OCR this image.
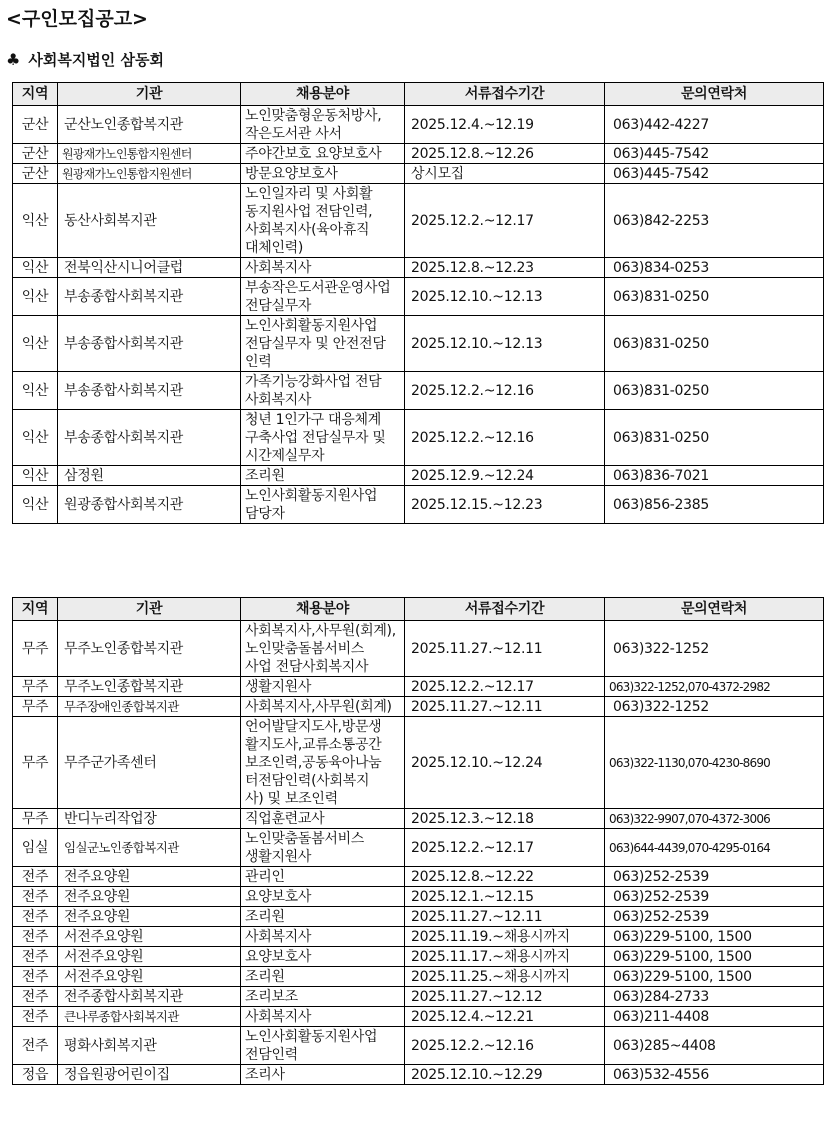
<구인모집공고>
♣ 사회복지법인 삼동회
지역	기관	채용분야	서류접수기간	문의연락처
군산	군산노인종합복지관	노인맞춤형운동처방사,
작은도서관 사서	2025.12.4.~12.19	063)442-4227
군산	원광재가노인통합지원센터	주야간보호 요양보호사	2025.12.8.~12.26	063)445-7542
군산	원광재가노인통합지원센터	방문요양보호사	상시모집	063)445-7542
익산	동산사회복지관	노인일자리 및 사회활
동지원사업 전담인력,
사회복지사(육아휴직
대체인력)	2025.12.2.~12.17	063)842-2253
익산	전북익산시니어클럽	사회복지사	2025.12.8.~12.23	063)834-0253
익산	부송종합사회복지관	부송작은도서관운영사업
전담실무자	2025.12.10.~12.13	063)831-0250
익산	부송종합사회복지관	노인사회활동지원사업
전담실무자 및 안전전담
인력	2025.12.10.~12.13	063)831-0250
익산	부송종합사회복지관	가족기능강화사업 전담
사회복지사	2025.12.2.~12.16	063)831-0250
익산	부송종합사회복지관	청년 1인가구 대응체계
구축사업 전담실무자 및
시간제실무자	2025.12.2.~12.16	063)831-0250
익산	삼정원	조리원	2025.12.9.~12.24	063)836-7021
익산	원광종합사회복지관	노인사회활동지원사업
담당자	2025.12.15.~12.23	063)856-2385
지역	기관	채용분야	서류접수기간	문의연락처
무주	무주노인종합복지관	사회복지사,사무원(회계),
노인맞춤돌봄서비스
사업 전담사회복지사	2025.11.27.~12.11	063)322-1252
무주	무주노인종합복지관	생활지원사	2025.12.2.~12.17	063)322-1252,070-4372-2982
무주	무주장애인종합복지관	사회복지사,사무원(회계)	2025.11.27.~12.11	063)322-1252
무주	무주군가족센터	언어발달지도사,방문생
활지도사,교류소통공간
보조인력,공동육아나눔
터전담인력(사회복지
사) 및 보조인력	2025.12.10.~12.24	063)322-1130,070-4230-8690
무주	반디누리작업장	직업훈련교사	2025.12.3.~12.18	063)322-9907,070-4372-3006
임실	임실군노인종합복지관	노인맞춤돌봄서비스
생활지원사	2025.12.2.~12.17	063)644-4439,070-4295-0164
전주	전주요양원	관리인	2025.12.8.~12.22	063)252-2539
전주	전주요양원	요양보호사	2025.12.1.~12.15	063)252-2539
전주	전주요양원	조리원	2025.11.27.~12.11	063)252-2539
전주	서전주요양원	사회복지사	2025.11.19.~채용시까지	063)229-5100, 1500
전주	서전주요양원	요양보호사	2025.11.17.~채용시까지	063)229-5100, 1500
전주	서전주요양원	조리원	2025.11.25.~채용시까지	063)229-5100, 1500
전주	전주종합사회복지관	조리보조	2025.11.27.~12.12	063)284-2733
전주	큰나루종합사회복지관	사회복지사	2025.12.4.~12.21	063)211-4408
전주	평화사회복지관	노인사회활동지원사업
전담인력	2025.12.2.~12.16	063)285~4408
정읍	정읍원광어린이집	조리사	2025.12.10.~12.29	063)532-4556
